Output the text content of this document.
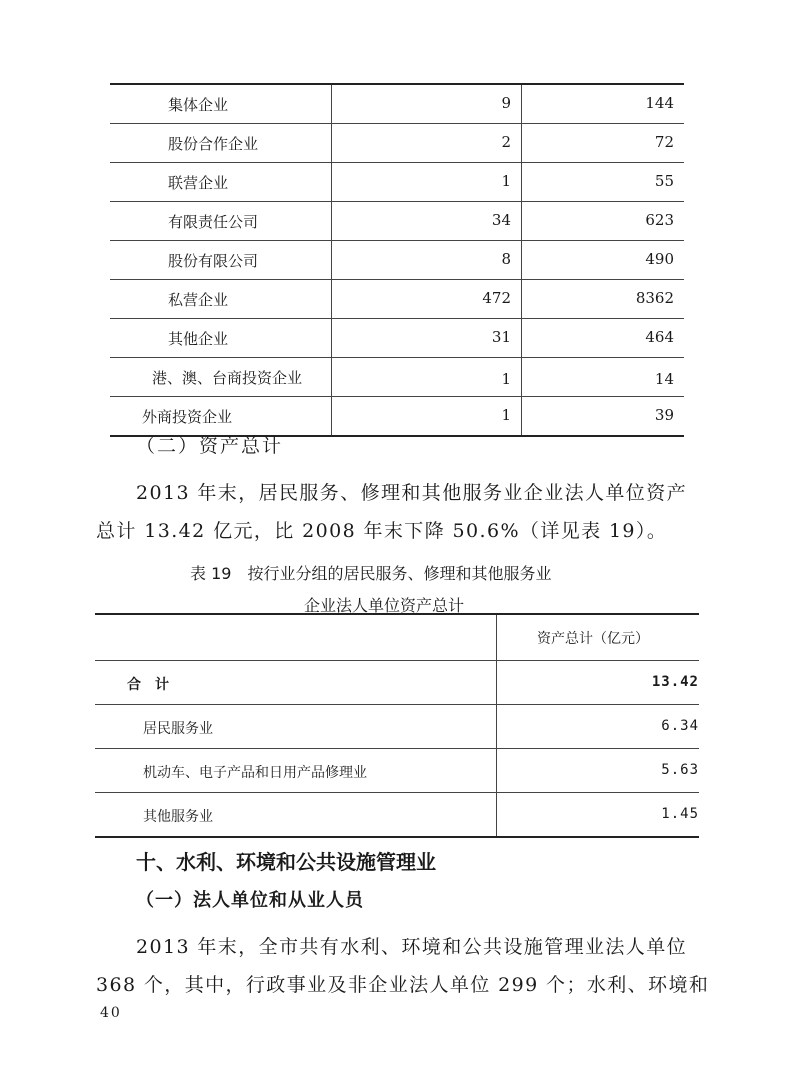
集体企业	9	144
股份合作企业	2	72
联营企业	1	55
有限责任公司	34	623
股份有限公司	8	490
私营企业	472	8362
其他企业	31	464
港、澳、台商投资企业	1	14
外商投资企业	1	39
（二）资产总计
2013 年末，居民服务、修理和其他服务业企业法人单位资产
总计 13.42 亿元，比 2008 年末下降 50.6%（详见表 19）。
表 19　按行业分组的居民服务、修理和其他服务业
企业法人单位资产总计
资产总计（亿元）
合计	13.42
居民服务业	6.34
机动车、电子产品和日用产品修理业	5.63
其他服务业	1.45
十、水利、环境和公共设施管理业
（一）法人单位和从业人员
2013 年末，全市共有水利、环境和公共设施管理业法人单位
368 个，其中，行政事业及非企业法人单位 299 个；水利、环境和
40
